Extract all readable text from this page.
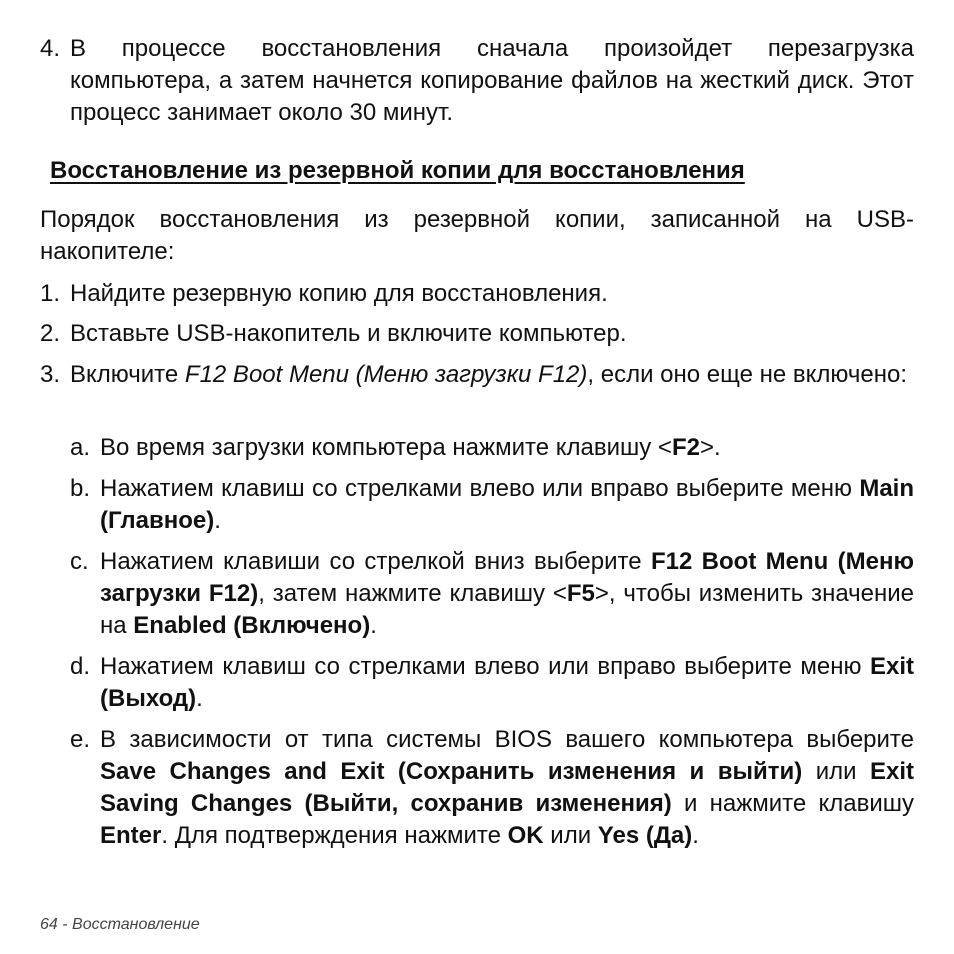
4. В процессе восстановления сначала произойдет перезагрузка компьютера, а затем начнется копирование файлов на жесткий диск. Этот процесс занимает около 30 минут.
Восстановление из резервной копии для восстановления
Порядок восстановления из резервной копии, записанной на USB-накопителе:
1. Найдите резервную копию для восстановления.
2. Вставьте USB-накопитель и включите компьютер.
3. Включите F12 Boot Menu (Меню загрузки F12), если оно еще не включено:
a. Во время загрузки компьютера нажмите клавишу <F2>.
b. Нажатием клавиш со стрелками влево или вправо выберите меню Main (Главное).
c. Нажатием клавиши со стрелкой вниз выберите F12 Boot Menu (Меню загрузки F12), затем нажмите клавишу <F5>, чтобы изменить значение на Enabled (Включено).
d. Нажатием клавиш со стрелками влево или вправо выберите меню Exit (Выход).
e. В зависимости от типа системы BIOS вашего компьютера выберите Save Changes and Exit (Сохранить изменения и выйти) или Exit Saving Changes (Выйти, сохранив изменения) и нажмите клавишу Enter. Для подтверждения нажмите OK или Yes (Да).
64 - Восстановление
